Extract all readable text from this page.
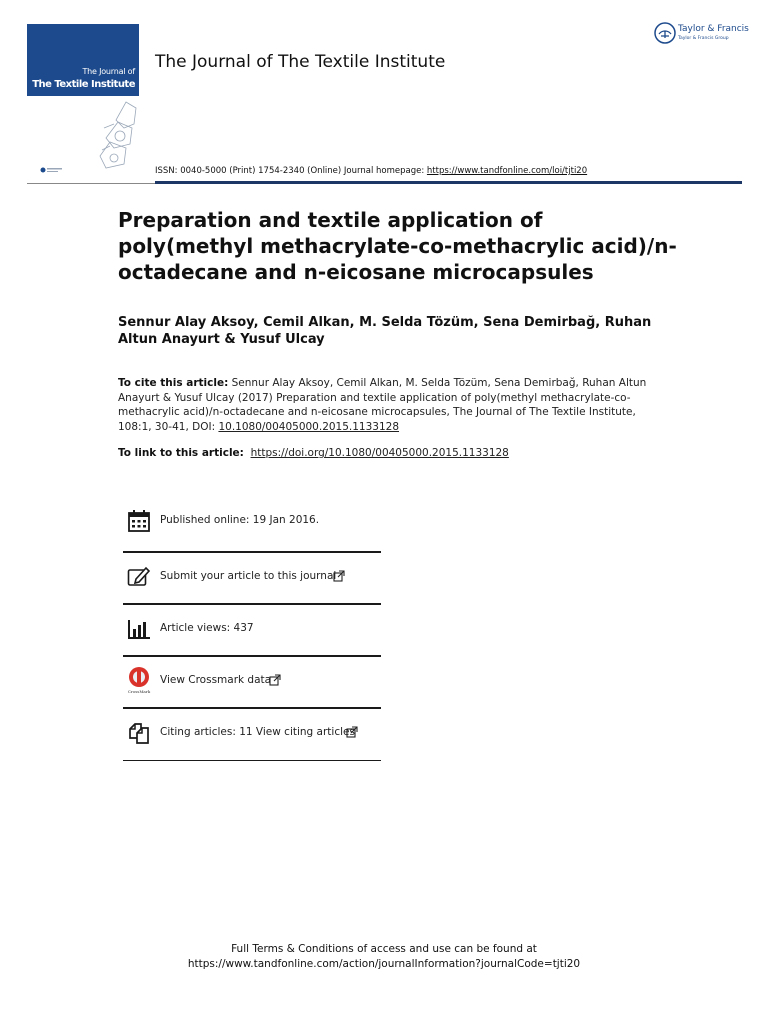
The Journal of
The Textile Institute
The Journal of The Textile Institute
Taylor & Francis
Taylor & Francis Group
ISSN: 0040-5000 (Print) 1754-2340 (Online) Journal homepage: https://www.tandfonline.com/loi/tjti20
Preparation and textile application of poly(methyl methacrylate-co-methacrylic acid)/n-octadecane and n-eicosane microcapsules
Sennur Alay Aksoy, Cemil Alkan, M. Selda Tözüm, Sena Demirbağ, Ruhan Altun Anayurt & Yusuf Ulcay
To cite this article: Sennur Alay Aksoy, Cemil Alkan, M. Selda Tözüm, Sena Demirbağ, Ruhan Altun Anayurt & Yusuf Ulcay (2017) Preparation and textile application of poly(methyl methacrylate-co-methacrylic acid)/n-octadecane and n-eicosane microcapsules, The Journal of The Textile Institute, 108:1, 30-41, DOI: 10.1080/00405000.2015.1133128
To link to this article: https://doi.org/10.1080/00405000.2015.1133128
Published online: 19 Jan 2016.
Submit your article to this journal
Article views: 437
CrossMark
View Crossmark data
Citing articles: 11 View citing articles
Full Terms & Conditions of access and use can be found at
https://www.tandfonline.com/action/journalInformation?journalCode=tjti20
